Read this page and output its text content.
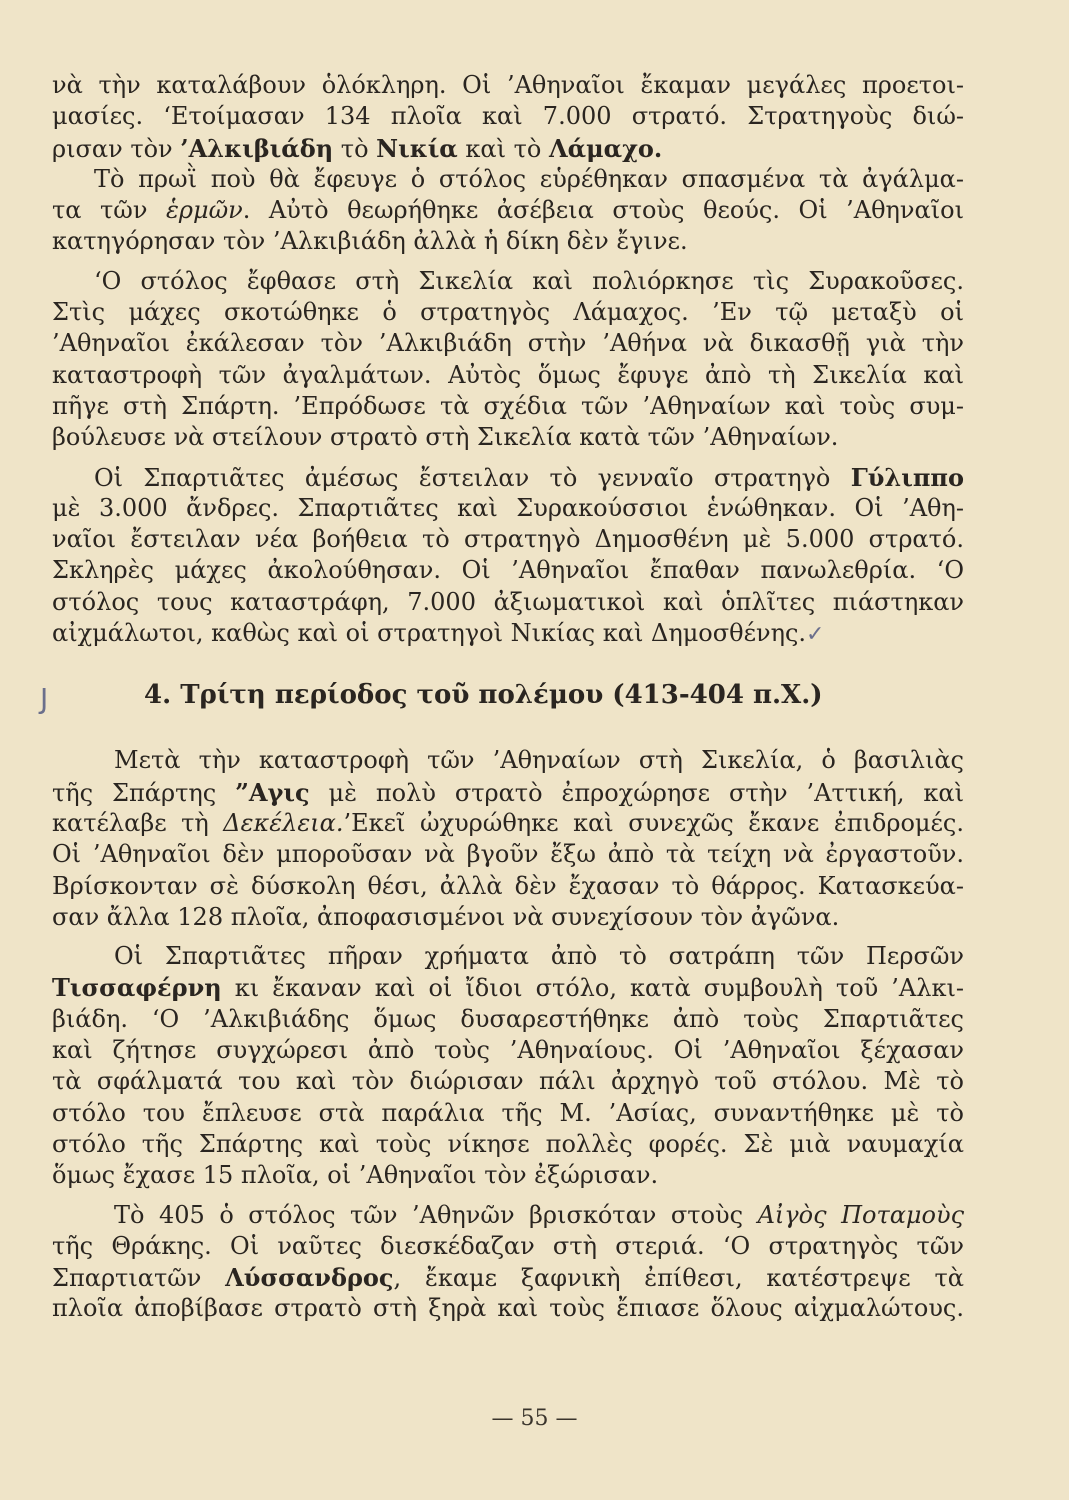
νὰ τὴν καταλάβουν ὁλόκληρη. Οἱ ’Αθηναῖοι ἔκαμαν μεγάλες προετοι-
μασίες. ‘Ετοίμασαν 134 πλοῖα καὶ 7.000 στρατό. Στρατηγοὺς διώ-
ρισαν τὸν ’Αλκιβιάδη τὸ Νικία καὶ τὸ Λάμαχο.
Τὸ πρωῒ ποὺ θὰ ἔφευγε ὁ στόλος εὑρέθηκαν σπασμένα τὰ ἀγάλμα-
τα τῶν ἑρμῶν. Αὐτὸ θεωρήθηκε ἀσέβεια στοὺς θεούς. Οἱ ’Αθηναῖοι
κατηγόρησαν τὸν ’Αλκιβιάδη ἀλλὰ ἡ δίκη δὲν ἔγινε.
‘Ο στόλος ἔφθασε στὴ Σικελία καὶ πολιόρκησε τὶς Συρακοῦσες.
Στὶς μάχες σκοτώθηκε ὁ στρατηγὸς Λάμαχος. ’Εν τῷ μεταξὺ οἱ
’Αθηναῖοι ἐκάλεσαν τὸν ’Αλκιβιάδη στὴν ’Αθήνα νὰ δικασθῇ γιὰ τὴν
καταστροφὴ τῶν ἀγαλμάτων. Αὐτὸς ὅμως ἔφυγε ἀπὸ τὴ Σικελία καὶ
πῆγε στὴ Σπάρτη. ’Επρόδωσε τὰ σχέδια τῶν ’Αθηναίων καὶ τοὺς συμ-
βούλευσε νὰ στείλουν στρατὸ στὴ Σικελία κατὰ τῶν ’Αθηναίων.
Οἱ Σπαρτιᾶτες ἀμέσως ἔστειλαν τὸ γενναῖο στρατηγὸ Γύλιππο
μὲ 3.000 ἄνδρες. Σπαρτιᾶτες καὶ Συρακούσσιοι ἑνώθηκαν. Οἱ ’Αθη-
ναῖοι ἔστειλαν νέα βοήθεια τὸ στρατηγὸ Δημοσθένη μὲ 5.000 στρατό.
Σκληρὲς μάχες ἀκολούθησαν. Οἱ ’Αθηναῖοι ἔπαθαν πανωλεθρία. ‘Ο
στόλος τους καταστράφη, 7.000 ἀξιωματικοὶ καὶ ὁπλῖτες πιάστηκαν
αἰχμάλωτοι, καθὼς καὶ οἱ στρατηγοὶ Νικίας καὶ Δημοσθένης.✓
J	4. Τρίτη περίοδος τοῦ πολέμου (413-404 π.Χ.)
Μετὰ τὴν καταστροφὴ τῶν ’Αθηναίων στὴ Σικελία, ὁ βασιλιὰς
τῆς Σπάρτης ”Αγις μὲ πολὺ στρατὸ ἐπροχώρησε στὴν ’Αττική, καὶ
κατέλαβε τὴ Δεκέλεια.’Εκεῖ ὠχυρώθηκε καὶ συνεχῶς ἔκανε ἐπιδρομές.
Οἱ ’Αθηναῖοι δὲν μποροῦσαν νὰ βγοῦν ἔξω ἀπὸ τὰ τείχη νὰ ἐργαστοῦν.
Βρίσκονταν σὲ δύσκολη θέσι, ἀλλὰ δὲν ἔχασαν τὸ θάρρος. Κατασκεύα-
σαν ἄλλα 128 πλοῖα, ἀποφασισμένοι νὰ συνεχίσουν τὸν ἀγῶνα.
Οἱ Σπαρτιᾶτες πῆραν χρήματα ἀπὸ τὸ σατράπη τῶν Περσῶν
Τισσαφέρνη κι ἔκαναν καὶ οἱ ἴδιοι στόλο, κατὰ συμβουλὴ τοῦ ’Αλκι-
βιάδη. ‘Ο ’Αλκιβιάδης ὅμως δυσαρεστήθηκε ἀπὸ τοὺς Σπαρτιᾶτες
καὶ ζήτησε συγχώρεσι ἀπὸ τοὺς ’Αθηναίους. Οἱ ’Αθηναῖοι ξέχασαν
τὰ σφάλματά του καὶ τὸν διώρισαν πάλι ἀρχηγὸ τοῦ στόλου. Μὲ τὸ
στόλο του ἔπλευσε στὰ παράλια τῆς Μ. ’Ασίας, συναντήθηκε μὲ τὸ
στόλο τῆς Σπάρτης καὶ τοὺς νίκησε πολλὲς φορές. Σὲ μιὰ ναυμαχία
ὅμως ἔχασε 15 πλοῖα, οἱ ’Αθηναῖοι τὸν ἐξώρισαν.
Τὸ 405 ὁ στόλος τῶν ’Αθηνῶν βρισκόταν στοὺς Αἰγὸς Ποταμοὺς
τῆς Θράκης. Οἱ ναῦτες διεσκέδαζαν στὴ στεριά. ‘Ο στρατηγὸς τῶν
Σπαρτιατῶν Λύσσανδρος, ἔκαμε ξαφνικὴ ἐπίθεσι, κατέστρεψε τὰ
πλοῖα ἀποβίβασε στρατὸ στὴ ξηρὰ καὶ τοὺς ἔπιασε ὅλους αἰχμαλώτους.
— 55 —
